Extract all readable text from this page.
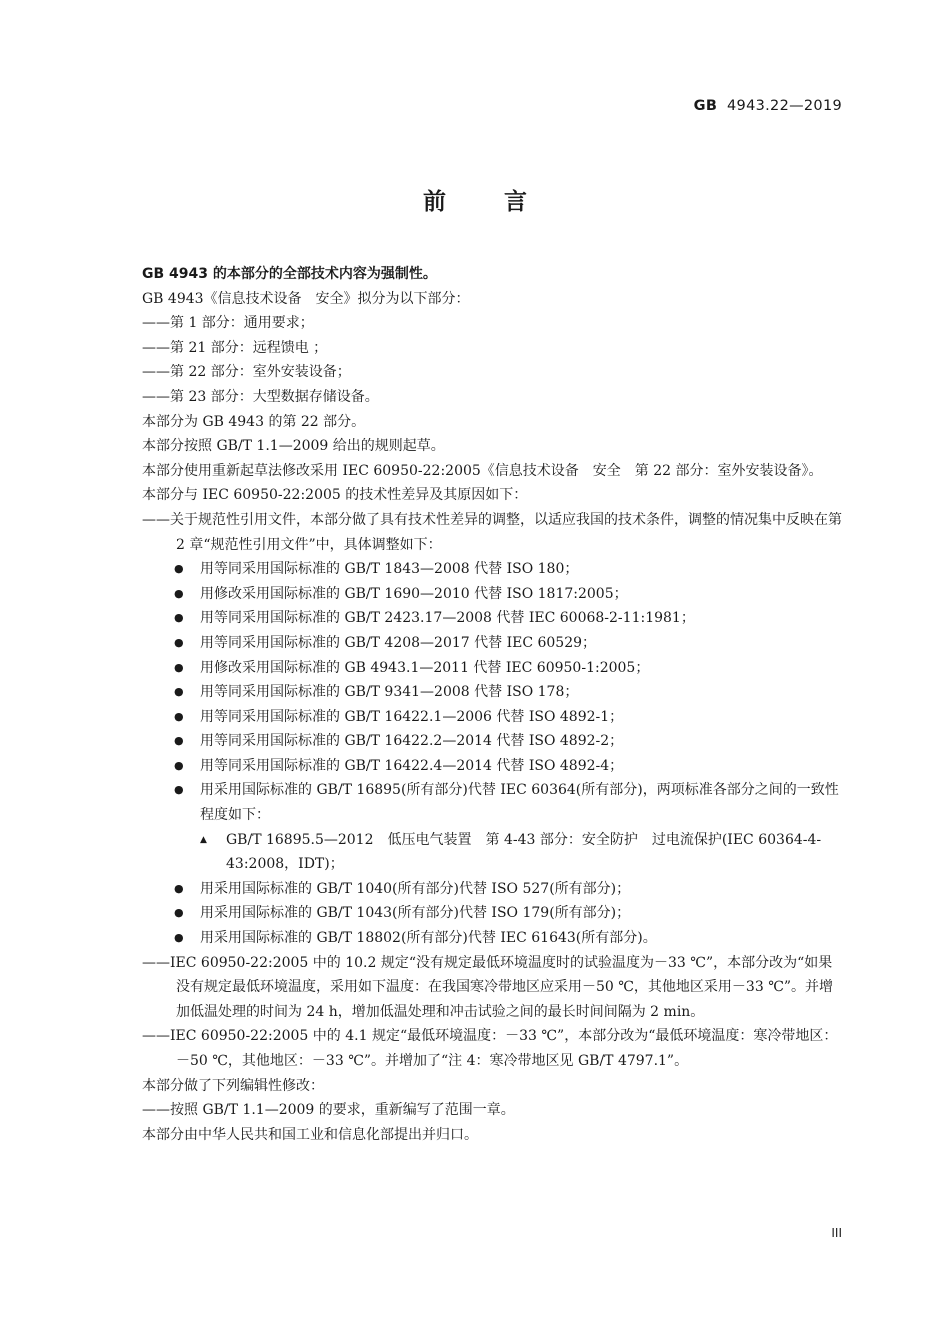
GB 4943.22—2019
前言

GB 4943 的本部分的全部技术内容为强制性。

GB 4943《信息技术设备　安全》拟分为以下部分：

——第 1 部分：通用要求；

——第 21 部分：远程馈电 ；

——第 22 部分：室外安装设备；

——第 23 部分：大型数据存储设备。

本部分为 GB 4943 的第 22 部分。

本部分按照 GB/T 1.1—2009 给出的规则起草。

本部分使用重新起草法修改采用 IEC 60950-22:2005《信息技术设备　安全　第 22 部分：室外安装设备》。

本部分与 IEC 60950-22:2005 的技术性差异及其原因如下：

——关于规范性引用文件，本部分做了具有技术性差异的调整，以适应我国的技术条件，调整的情况集中反映在第 2 章“规范性引用文件”中，具体调整如下：

● 用等同采用国际标准的 GB/T 1843—2008 代替 ISO 180；

● 用修改采用国际标准的 GB/T 1690—2010 代替 ISO 1817:2005；

● 用等同采用国际标准的 GB/T 2423.17—2008 代替 IEC 60068-2-11:1981；

● 用等同采用国际标准的 GB/T 4208—2017 代替 IEC 60529；

● 用修改采用国际标准的 GB 4943.1—2011 代替 IEC 60950-1:2005；

● 用等同采用国际标准的 GB/T 9341—2008 代替 ISO 178；

● 用等同采用国际标准的 GB/T 16422.1—2006 代替 ISO 4892-1；

● 用等同采用国际标准的 GB/T 16422.2—2014 代替 ISO 4892-2；

● 用等同采用国际标准的 GB/T 16422.4—2014 代替 ISO 4892-4；

● 用采用国际标准的 GB/T 16895(所有部分)代替 IEC 60364(所有部分)，两项标准各部分之间的一致性程度如下：

▲ GB/T 16895.5—2012　低压电气装置　第 4-43 部分：安全防护　过电流保护(IEC 60364-4-43:2008，IDT)；

● 用采用国际标准的 GB/T 1040(所有部分)代替 ISO 527(所有部分)；

● 用采用国际标准的 GB/T 1043(所有部分)代替 ISO 179(所有部分)；

● 用采用国际标准的 GB/T 18802(所有部分)代替 IEC 61643(所有部分)。

——IEC 60950-22:2005 中的 10.2 规定“没有规定最低环境温度时的试验温度为－33 ℃”，本部分改为“如果没有规定最低环境温度，采用如下温度：在我国寒冷带地区应采用－50 ℃，其他地区采用－33 ℃”。并增加低温处理的时间为 24 h，增加低温处理和冲击试验之间的最长时间间隔为 2 min。

——IEC 60950-22:2005 中的 4.1 规定“最低环境温度：－33 ℃”，本部分改为“最低环境温度：寒冷带地区：－50 ℃，其他地区：－33 ℃”。并增加了“注 4：寒冷带地区见 GB/T 4797.1”。

本部分做了下列编辑性修改：

——按照 GB/T 1.1—2009 的要求，重新编写了范围一章。

本部分由中华人民共和国工业和信息化部提出并归口。

III
